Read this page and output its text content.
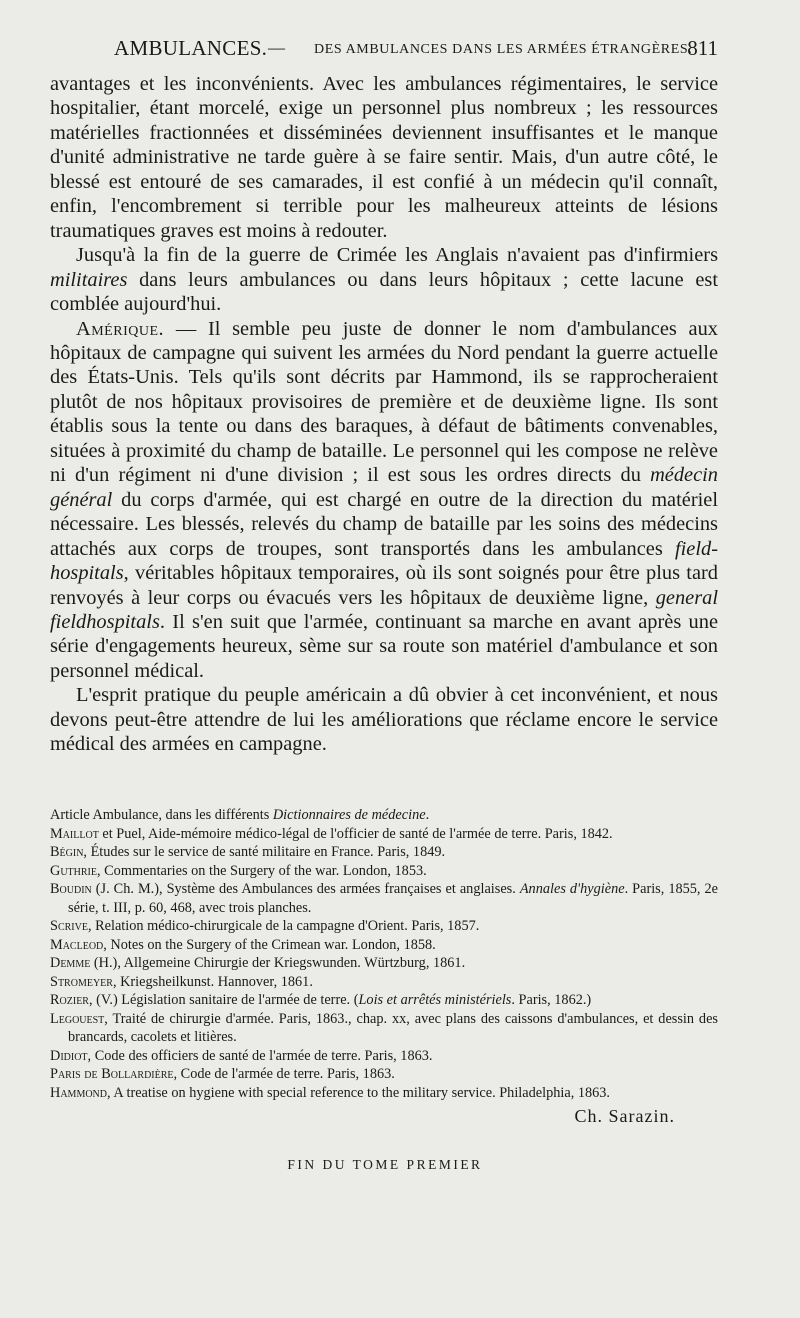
AMBULANCES. — DES AMBULANCES DANS LES ARMÉES ÉTRANGÈRES.
811

avantages et les inconvénients. Avec les ambulances régimentaires, le service hospitalier, étant morcelé, exige un personnel plus nombreux ; les ressources matérielles fractionnées et disséminées deviennent insuffisantes et le manque d'unité administrative ne tarde guère à se faire sentir. Mais, d'un autre côté, le blessé est entouré de ses camarades, il est confié à un médecin qu'il connaît, enfin, l'encombrement si terrible pour les malheureux atteints de lésions traumatiques graves est moins à redouter.

Jusqu'à la fin de la guerre de Crimée les Anglais n'avaient pas d'infirmiers militaires dans leurs ambulances ou dans leurs hôpitaux ; cette lacune est comblée aujourd'hui.

Amérique. — Il semble peu juste de donner le nom d'ambulances aux hôpitaux de campagne qui suivent les armées du Nord pendant la guerre actuelle des États-Unis. Tels qu'ils sont décrits par Hammond, ils se rapprocheraient plutôt de nos hôpitaux provisoires de première et de deuxième ligne. Ils sont établis sous la tente ou dans des baraques, à défaut de bâtiments convenables, situées à proximité du champ de bataille. Le personnel qui les compose ne relève ni d'un régiment ni d'une division ; il est sous les ordres directs du médecin général du corps d'armée, qui est chargé en outre de la direction du matériel nécessaire. Les blessés, relevés du champ de bataille par les soins des médecins attachés aux corps de troupes, sont transportés dans les ambulances field-hospitals, véritables hôpitaux temporaires, où ils sont soignés pour être plus tard renvoyés à leur corps ou évacués vers les hôpitaux de deuxième ligne, general fieldhospitals. Il s'en suit que l'armée, continuant sa marche en avant après une série d'engagements heureux, sème sur sa route son matériel d'ambulance et son personnel médical.

L'esprit pratique du peuple américain a dû obvier à cet inconvénient, et nous devons peut-être attendre de lui les améliorations que réclame encore le service médical des armées en campagne.

Article Ambulance, dans les différents Dictionnaires de médecine.

Maillot et Puel, Aide-mémoire médico-légal de l'officier de santé de l'armée de terre. Paris, 1842.

Bégin, Études sur le service de santé militaire en France. Paris, 1849.

Guthrie, Commentaries on the Surgery of the war. London, 1853.

Boudin (J. Ch. M.), Système des Ambulances des armées françaises et anglaises. Annales d'hygiène. Paris, 1855, 2e série, t. III, p. 60, 468, avec trois planches.

Scrive, Relation médico-chirurgicale de la campagne d'Orient. Paris, 1857.

Macleod, Notes on the Surgery of the Crimean war. London, 1858.

Demme (H.), Allgemeine Chirurgie der Kriegswunden. Würtzburg, 1861.

Stromeyer, Kriegsheilkunst. Hannover, 1861.

Rozier, (V.) Législation sanitaire de l'armée de terre. (Lois et arrêtés ministériels. Paris, 1862.)

Legouest, Traité de chirurgie d'armée. Paris, 1863., chap. xx, avec plans des caissons d'ambulances, et dessin des brancards, cacolets et litières.

Didiot, Code des officiers de santé de l'armée de terre. Paris, 1863.

Paris de Bollardière, Code de l'armée de terre. Paris, 1863.

Hammond, A treatise on hygiene with special reference to the military service. Philadelphia, 1863.

Ch. Sarazin.
FIN DU TOME PREMIER
